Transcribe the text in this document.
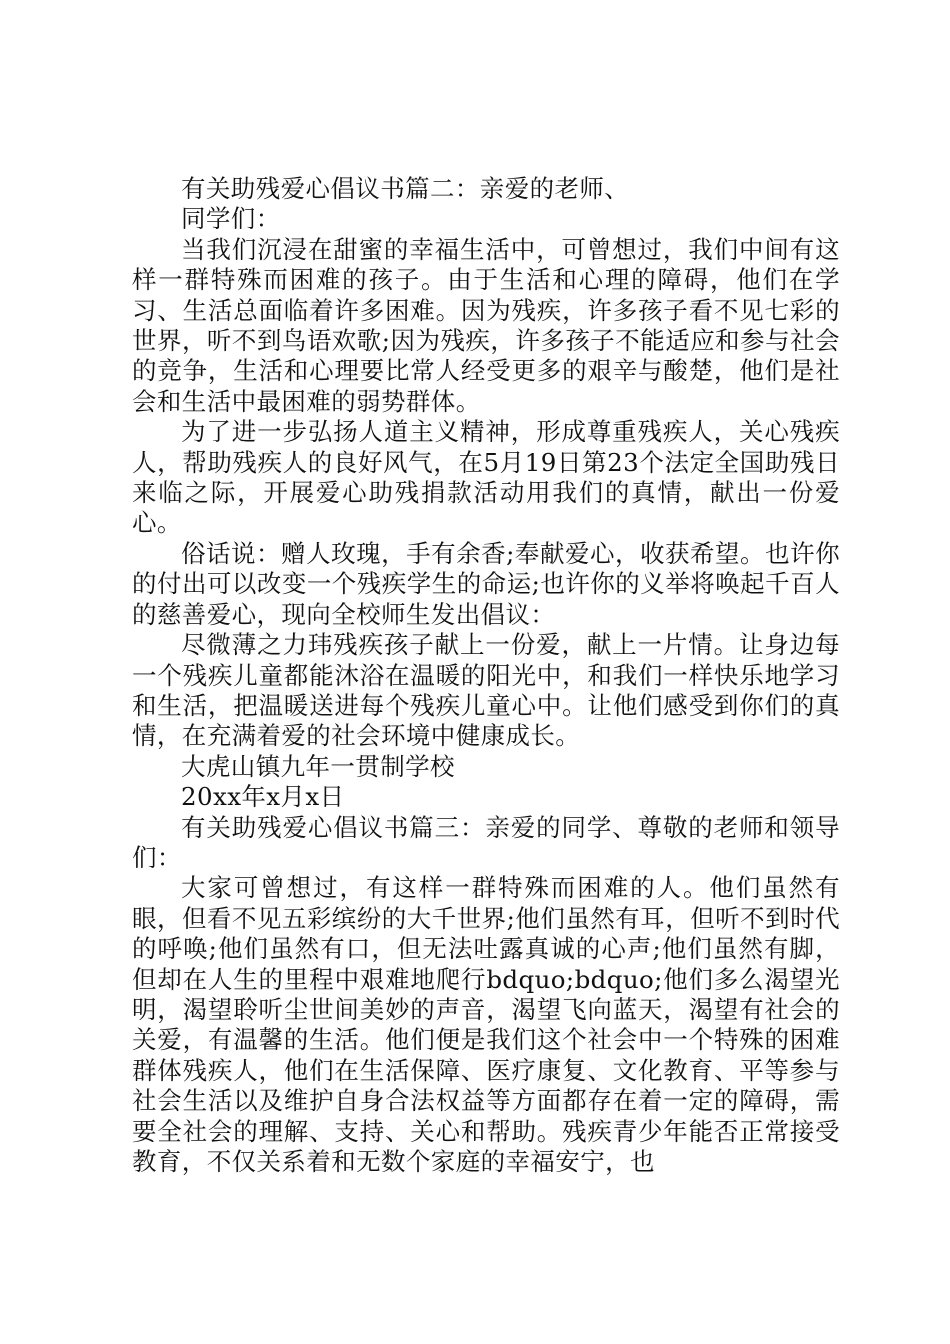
有关助残爱心倡议书篇二：亲爱的老师、

同学们：

当我们沉浸在甜蜜的幸福生活中，可曾想过，我们中间有这样一群特殊而困难的孩子。由于生活和心理的障碍，他们在学习、生活总面临着许多困难。因为残疾，许多孩子看不见七彩的世界，听不到鸟语欢歌;因为残疾，许多孩子不能适应和参与社会的竞争，生活和心理要比常人经受更多的艰辛与酸楚，他们是社会和生活中最困难的弱势群体。

为了进一步弘扬人道主义精神，形成尊重残疾人，关心残疾人，帮助残疾人的良好风气，在5月19日第23个法定全国助残日来临之际，开展爱心助残捐款活动用我们的真情，献出一份爱心。

俗话说：赠人玫瑰，手有余香;奉献爱心，收获希望。也许你的付出可以改变一个残疾学生的命运;也许你的义举将唤起千百人的慈善爱心，现向全校师生发出倡议：

尽微薄之力玮残疾孩子献上一份爱，献上一片情。让身边每一个残疾儿童都能沐浴在温暖的阳光中，和我们一样快乐地学习和生活，把温暖送进每个残疾儿童心中。让他们感受到你们的真情，在充满着爱的社会环境中健康成长。

大虎山镇九年一贯制学校

20xx年x月x日

有关助残爱心倡议书篇三：亲爱的同学、尊敬的老师和领导们：

大家可曾想过，有这样一群特殊而困难的人。他们虽然有眼，但看不见五彩缤纷的大千世界;他们虽然有耳，但听不到时代的呼唤;他们虽然有口，但无法吐露真诚的心声;他们虽然有脚，但却在人生的里程中艰难地爬行bdquo;bdquo;他们多么渴望光明，渴望聆听尘世间美妙的声音，渴望飞向蓝天，渴望有社会的关爱，有温馨的生活。他们便是我们这个社会中一个特殊的困难群体残疾人，他们在生活保障、医疗康复、文化教育、平等参与社会生活以及维护自身合法权益等方面都存在着一定的障碍，需要全社会的理解、支持、关心和帮助。残疾青少年能否正常接受教育，不仅关系着和无数个家庭的幸福安宁，也
